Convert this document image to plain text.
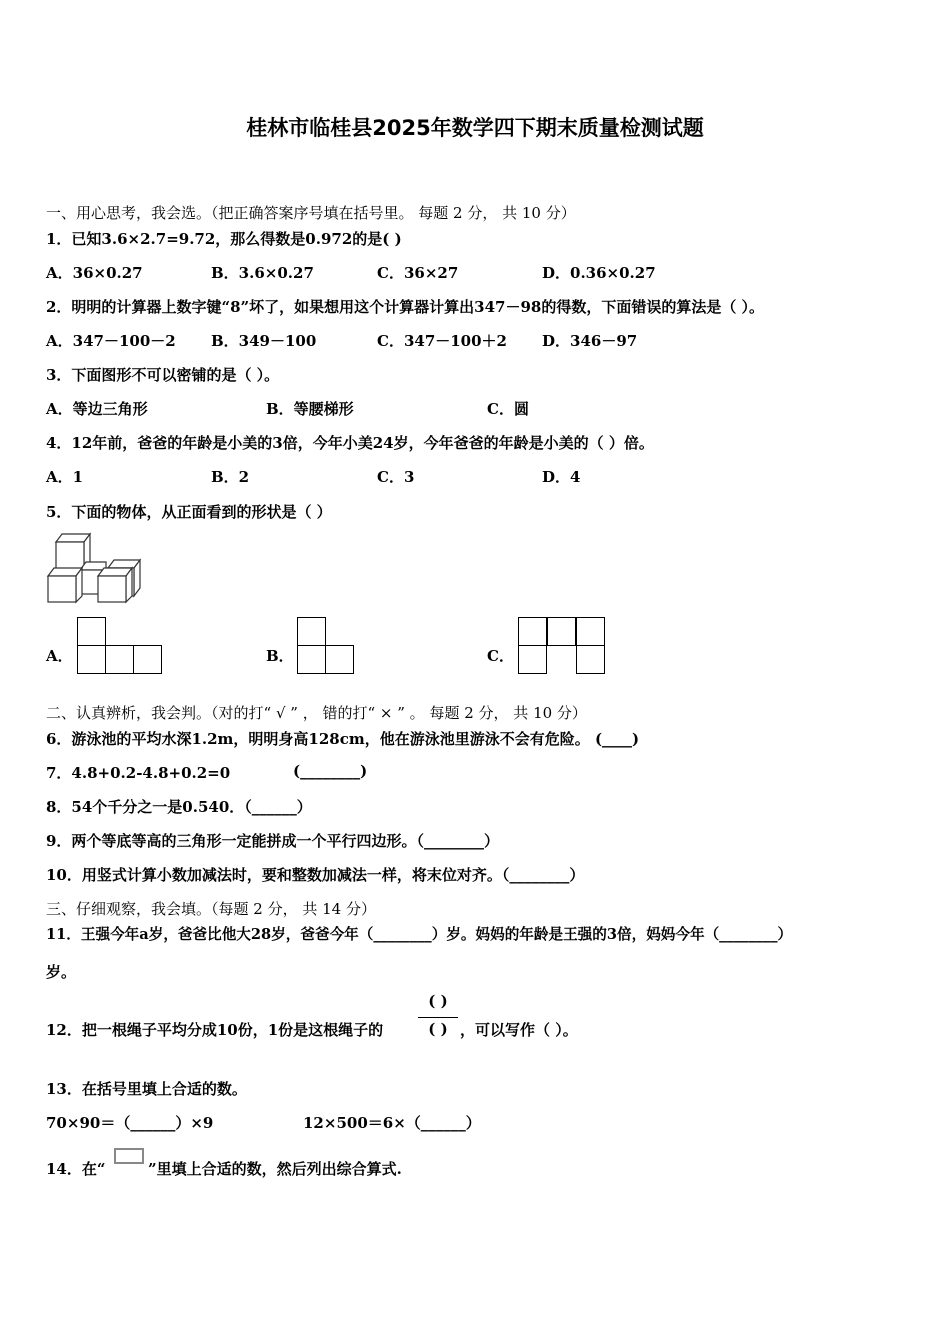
桂林市临桂县2025年数学四下期末质量检测试题
一、用心思考，我会选。（把正确答案序号填在括号里。 每题 2 分， 共 10 分）
1．已知3.6×2.7=9.72，那么得数是0.972的是( )
A．36×0.27	B．3.6×0.27	C．36×27	D．0.36×0.27
2．明明的计算器上数字键“8”坏了，如果想用这个计算器计算出347－98的得数，下面错误的算法是（ ）。
A．347－100－2 B．349－100	C．347－100＋2 D．346－97
3．下面图形不可以密铺的是（ ）。
A．等边三角形	B．等腰梯形	C．圆
4．12年前，爸爸的年龄是小美的3倍，今年小美24岁，今年爸爸的年龄是小美的（ ）倍。
A．1	B．2	C．3	D．4
5．下面的物体，从正面看到的形状是（ ）
A．	B．	C．
二、认真辨析，我会判。（对的打“ √ ” ， 错的打“ × ” 。 每题 2 分， 共 10 分）
6．游泳池的平均水深1.2m，明明身高128cm，他在游泳池里游泳不会有危险。 (____)
7．4.8+0.2-4.8+0.2=0	(________)
8．54个千分之一是0.540．（______）
9．两个等底等高的三角形一定能拼成一个平行四边形。（________）
10．用竖式计算小数加减法时，要和整数加减法一样，将末位对齐。（________）
三、仔细观察，我会填。（每题 2 分， 共 14 分）
11．王强今年a岁，爸爸比他大28岁，爸爸今年（________）岁。妈妈的年龄是王强的3倍，妈妈今年（________）
岁。
( )
12．把一根绳子平均分成10份，1份是这根绳子的	( ) ，可以写作（ ）。
13．在括号里填上合适的数。
70×90＝（______）×9	12×500＝6×（______）
14．在“	”里填上合适的数，然后列出综合算式.
